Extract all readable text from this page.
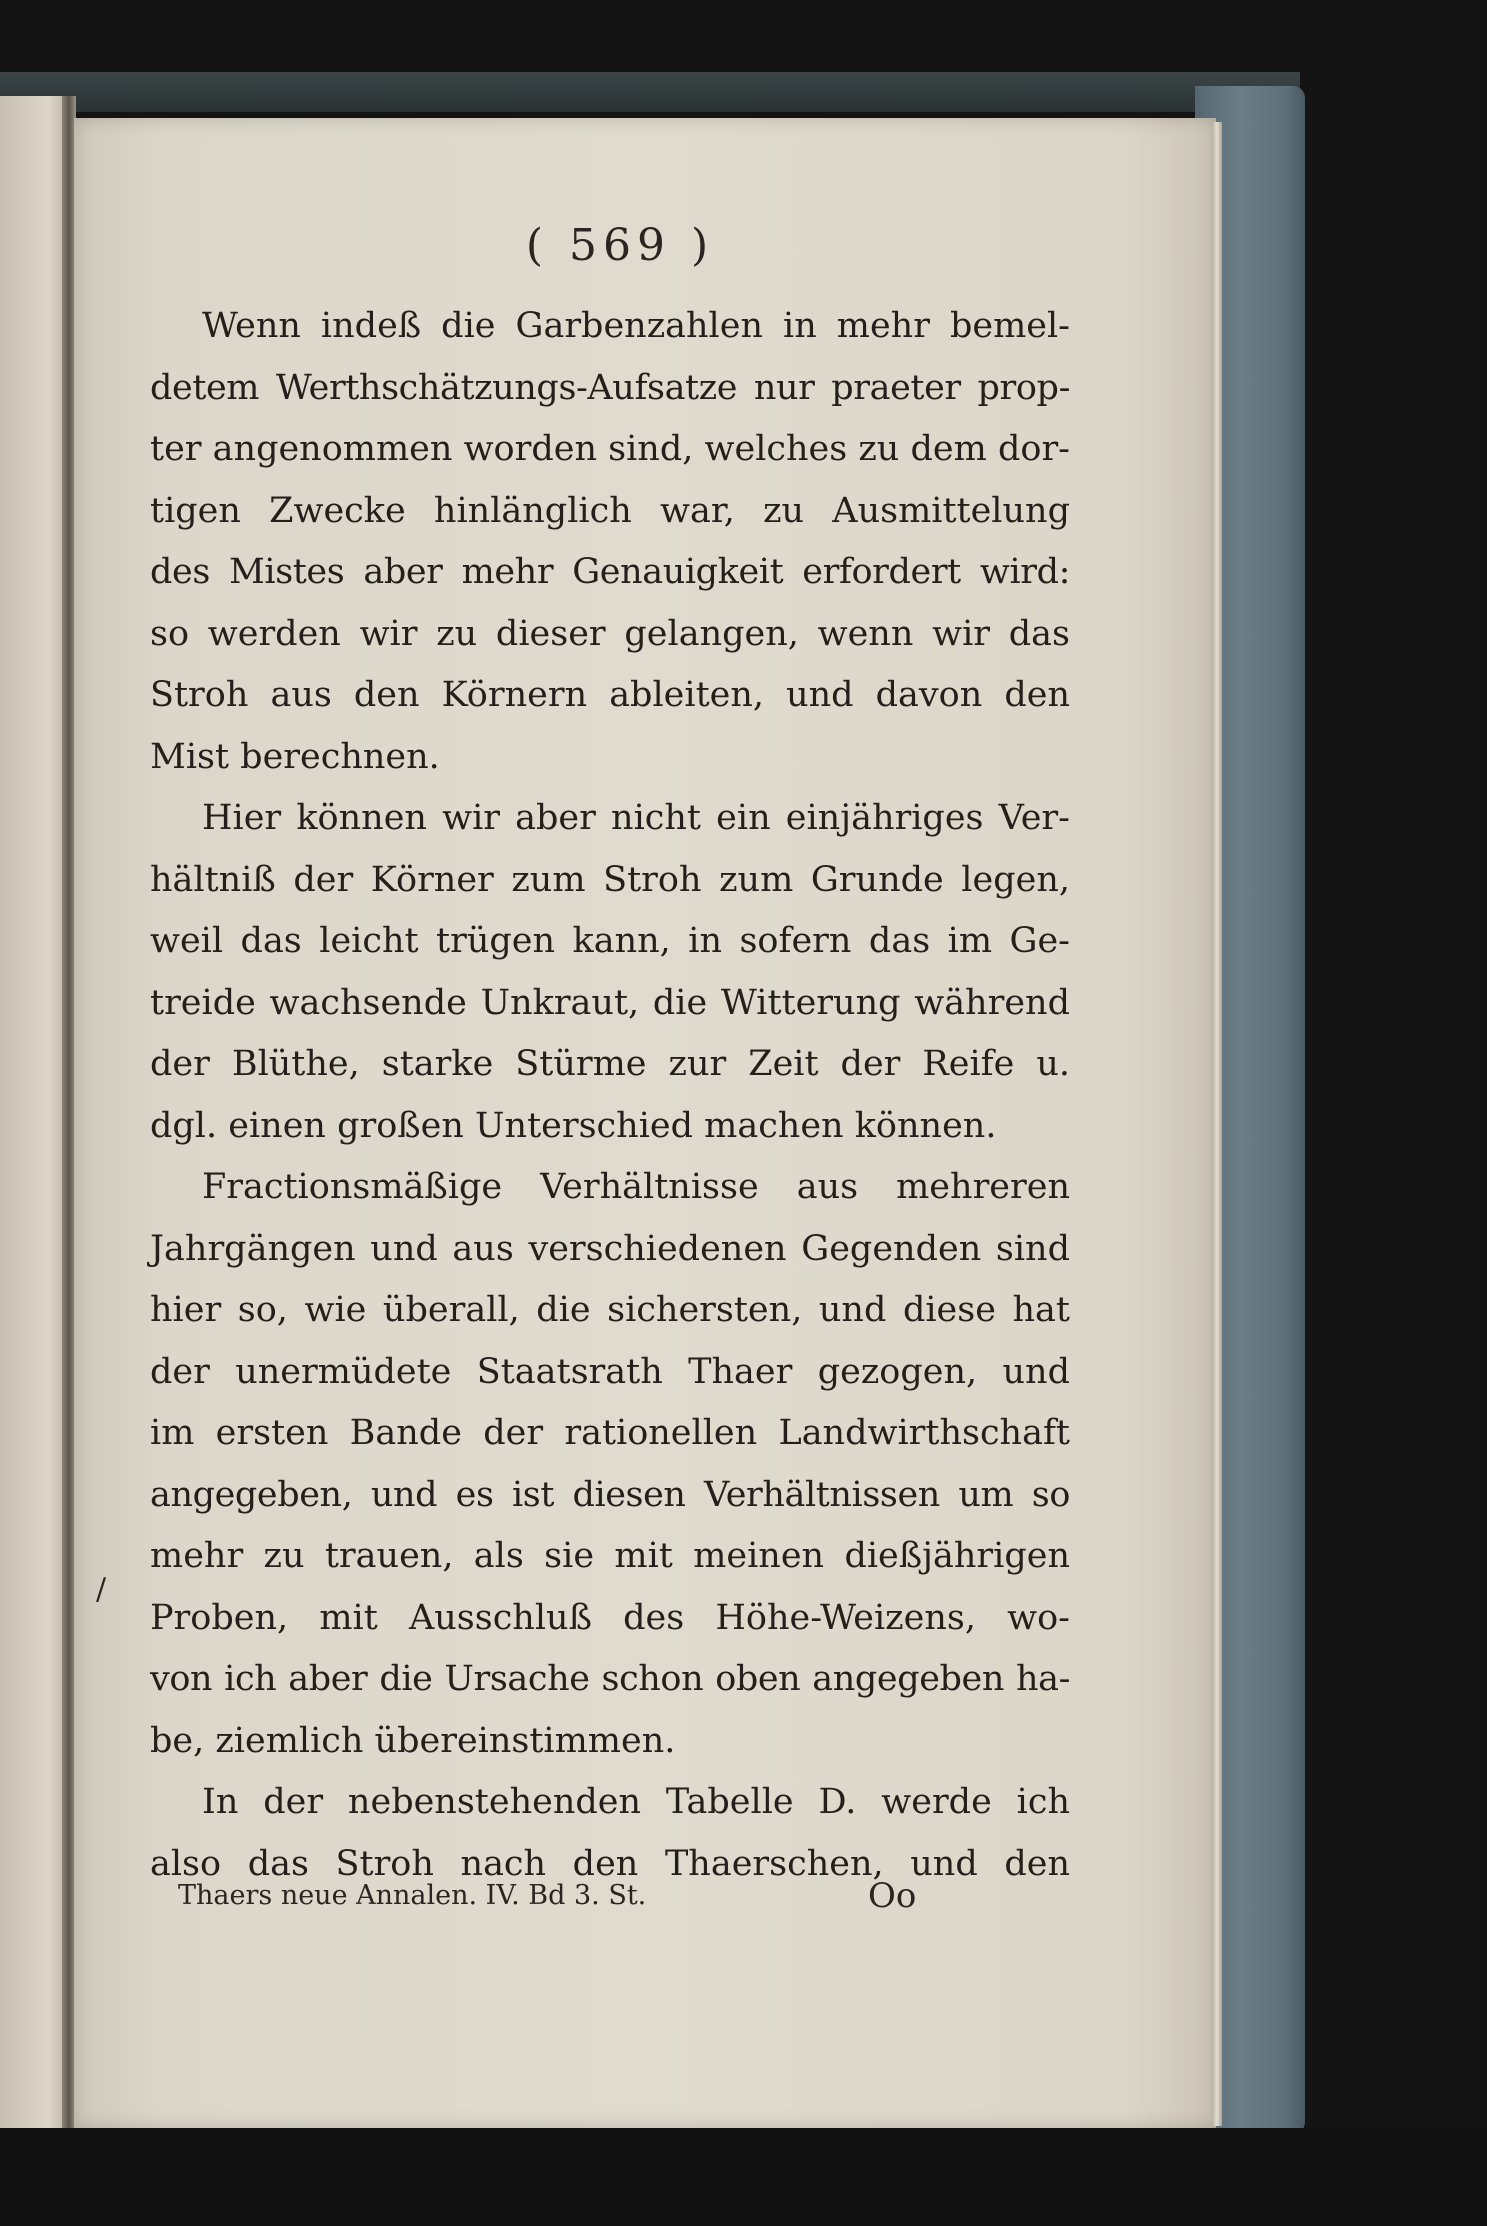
( 569 )
Wenn indeß die Garbenzahlen in mehr bemel-
detem Werthschätzungs-Aufsatze nur praeter prop-
ter angenommen worden sind, welches zu dem dor-
tigen Zwecke hinlänglich war, zu Ausmittelung
des Mistes aber mehr Genauigkeit erfordert wird:
so werden wir zu dieser gelangen, wenn wir das
Stroh aus den Körnern ableiten, und davon den
Mist berechnen.
Hier können wir aber nicht ein einjähriges Ver-
hältniß der Körner zum Stroh zum Grunde legen,
weil das leicht trügen kann, in sofern das im Ge-
treide wachsende Unkraut, die Witterung während
der Blüthe, starke Stürme zur Zeit der Reife u.
dgl. einen großen Unterschied machen können.
Fractionsmäßige Verhältnisse aus mehreren
Jahrgängen und aus verschiedenen Gegenden sind
hier so, wie überall, die sichersten, und diese hat
der unermüdete Staatsrath Thaer gezogen, und
im ersten Bande der rationellen Landwirthschaft
angegeben, und es ist diesen Verhältnissen um so
mehr zu trauen, als sie mit meinen dießjährigen
Proben, mit Ausschluß des Höhe-Weizens, wo-
von ich aber die Ursache schon oben angegeben ha-
be, ziemlich übereinstimmen.
In der nebenstehenden Tabelle D. werde ich
also das Stroh nach den Thaerschen, und den
/
Thaers neue Annalen. IV. Bd 3. St.	Oo
